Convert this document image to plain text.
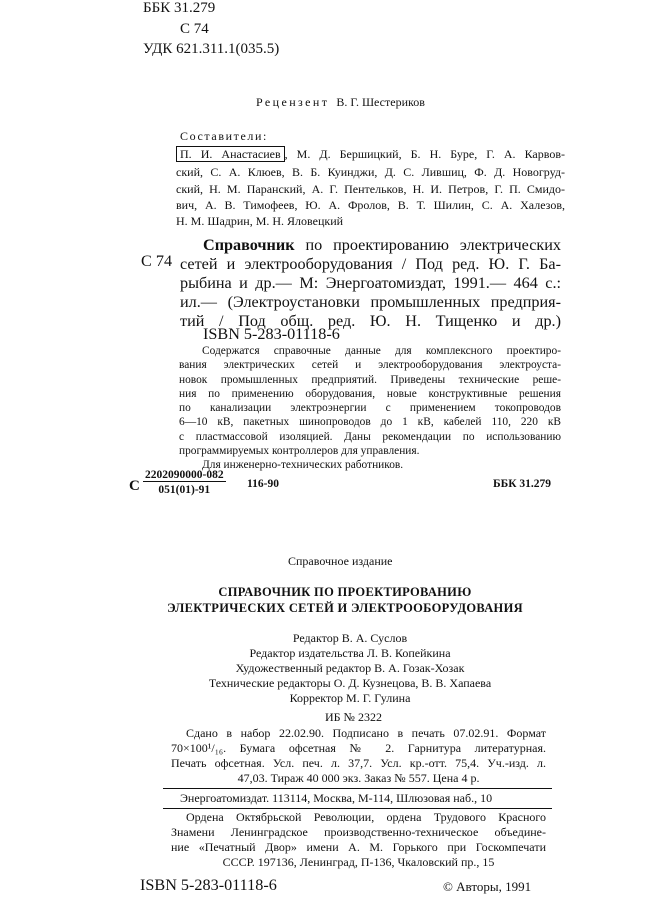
ББК 31.279
С 74
УДК 621.311.1(035.5)
Рецензент В. Г. Шестериков
Составители:
П. И. Анастасиев , М. Д. Бершицкий, Б. Н. Буре, Г. А. Карвов-
ский, С. А. Клюев, В. Б. Куинджи, Д. С. Лившиц, Ф. Д. Новогруд-
ский, Н. М. Паранский, А. Г. Пентельков, Н. И. Петров, Г. П. Смидо-
вич, А. В. Тимофеев, Ю. А. Фролов, В. Т. Шилин, С. А. Халезов,
Н. М. Шадрин, М. Н. Яловецкий
С 74
Справочник по проектированию электрических
сетей и электрооборудования / Под ред. Ю. Г. Ба-
рыбина и др.— М: Энергоатомиздат, 1991.— 464 с.:
ил.— (Электроустановки промышленных предприя-
тий / Под общ. ред. Ю. Н. Тищенко и др.)
ISBN 5-283-01118-6
Содержатся справочные данные для комплексного проектиро-
вания электрических сетей и электрооборудования электроуста-
новок промышленных предприятий. Приведены технические реше-
ния по применению оборудования, новые конструктивные решения
по канализации электроэнергии с применением токопроводов
6—10 кВ, пакетных шинопроводов до 1 кВ, кабелей 110, 220 кВ
с пластмассовой изоляцией. Даны рекомендации по использованию
программируемых контроллеров для управления.
Для инженерно-технических работников.
С $\frac{2202090000-082}{051(01)-91} 116-90$	ББК 31.279
Справочное издание
СПРАВОЧНИК ПО ПРОЕКТИРОВАНИЮ
ЭЛЕКТРИЧЕСКИХ СЕТЕЙ И ЭЛЕКТРООБОРУДОВАНИЯ
Редактор В. А. Суслов
Редактор издательства Л. В. Копейкина
Художественный редактор В. А. Гозак-Хозак
Технические редакторы О. Д. Кузнецова, В. В. Хапаева
Корректор М. Г. Гулина
ИБ № 2322
Сдано в набор 22.02.90. Подписано в печать 07.02.91. Формат
70×100¹/₁₆. Бумага офсетная № 2. Гарнитура литературная.
Печать офсетная. Усл. печ. л. 37,7. Усл. кр.-отт. 75,4. Уч.-изд. л.
47,03. Тираж 40 000 экз. Заказ № 557. Цена 4 р.
Энергоатомиздат. 113114, Москва, М-114, Шлюзовая наб., 10
Ордена Октябрьской Революции, ордена Трудового Красного
Знамени Ленинградское производственно-техническое объедине-
ние «Печатный Двор» имени А. М. Горького при Госкомпечати
СССР. 197136, Ленинград, П-136, Чкаловский пр., 15
ISBN 5-283-01118-6	© Авторы, 1991
